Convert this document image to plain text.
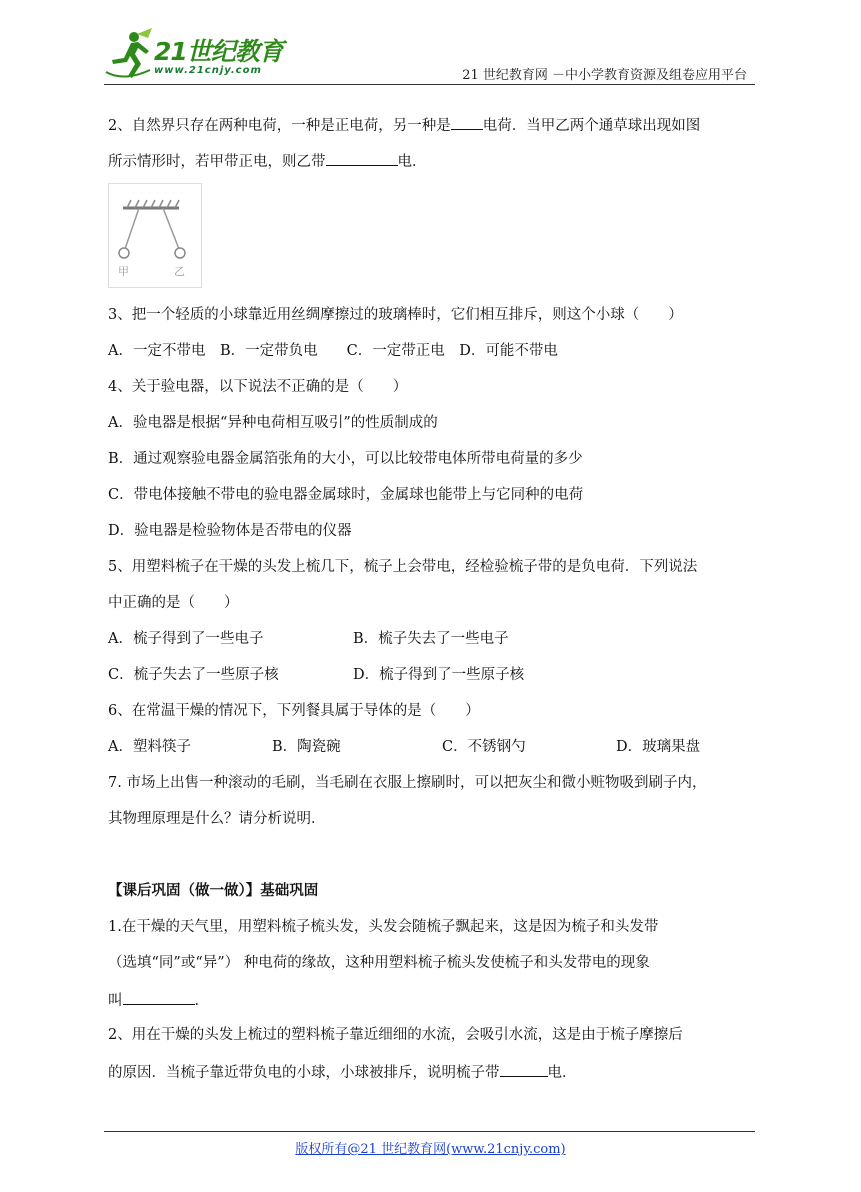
21世纪教育
www.21cnjy.com	21 世纪教育网 －中小学教育资源及组卷应用平台
2、自然界只存在两种电荷，一种是正电荷，另一种是 电荷．当甲乙两个通草球出现如图
所示情形时，若甲带正电，则乙带	电．
甲	乙
3、把一个轻质的小球靠近用丝绸摩擦过的玻璃棒时，它们相互排斥，则这个小球（　　）
A．一定不带电　B．一定带负电　　C．一定带正电　D．可能不带电
4、关于验电器，以下说法不正确的是（　　）
A．验电器是根据“异种电荷相互吸引”的性质制成的
B．通过观察验电器金属箔张角的大小，可以比较带电体所带电荷量的多少
C．带电体接触不带电的验电器金属球时，金属球也能带上与它同种的电荷
D．验电器是检验物体是否带电的仪器
5、用塑料梳子在干燥的头发上梳几下，梳子上会带电，经检验梳子带的是负电荷．下列说法
中正确的是（　　）
A．梳子得到了一些电子	B．梳子失去了一些电子
C．梳子失去了一些原子核	D．梳子得到了一些原子核
6、在常温干燥的情况下，下列餐具属于导体的是（　　）
A．塑料筷子	B．陶瓷碗	C．不锈钢勺	D．玻璃果盘
7. 市场上出售一种滚动的毛刷，当毛刷在衣服上擦刷时，可以把灰尘和微小赃物吸到刷子内，
其物理原理是什么？请分析说明．
【课后巩固（做一做）】基础巩固
1.在干燥的天气里，用塑料梳子梳头发，头发会随梳子飘起来，这是因为梳子和头发带
（选填“同”或“异”） 种电荷的缘故，这种用塑料梳子梳头发使梳子和头发带电的现象
叫	．
2、用在干燥的头发上梳过的塑料梳子靠近细细的水流，会吸引水流，这是由于梳子摩擦后
的原因．当梳子靠近带负电的小球，小球被排斥，说明梳子带	电．
版权所有@21 世纪教育网(www.21cnjy.com)
